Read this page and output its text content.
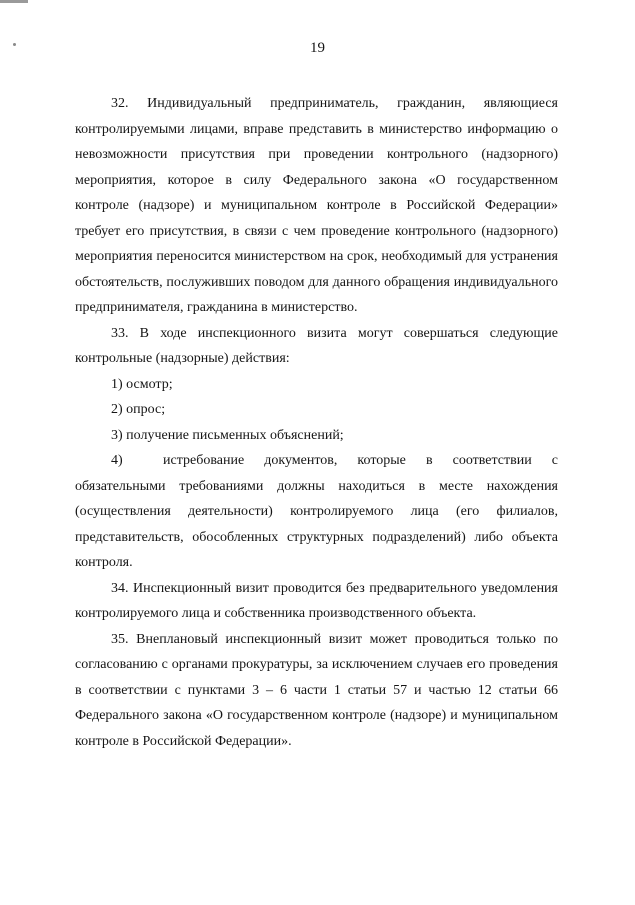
19

32. Индивидуальный предприниматель, гражданин, являющиеся контролируемыми лицами, вправе представить в министерство информацию о невозможности присутствия при проведении контрольного (надзорного) мероприятия, которое в силу Федерального закона «О государственном контроле (надзоре) и муниципальном контроле в Российской Федерации» требует его присутствия, в связи с чем проведение контрольного (надзорного) мероприятия переносится министерством на срок, необходимый для устранения обстоятельств, послуживших поводом для данного обращения индивидуального предпринимателя, гражданина в министерство.

33. В ходе инспекционного визита могут совершаться следующие контрольные (надзорные) действия:

1) осмотр;

2) опрос;

3) получение письменных объяснений;

4)	истребование документов, которые в соответствии с обязательными требованиями должны находиться в месте нахождения (осуществления деятельности) контролируемого лица (его филиалов, представительств, обособленных структурных подразделений) либо объекта контроля.

34. Инспекционный визит проводится без предварительного уведомления контролируемого лица и собственника производственного объекта.

35. Внеплановый инспекционный визит может проводиться только по согласованию с органами прокуратуры, за исключением случаев его проведения в соответствии с пунктами 3 – 6 части 1 статьи 57 и частью 12 статьи 66 Федерального закона «О государственном контроле (надзоре) и муниципальном контроле в Российской Федерации».
